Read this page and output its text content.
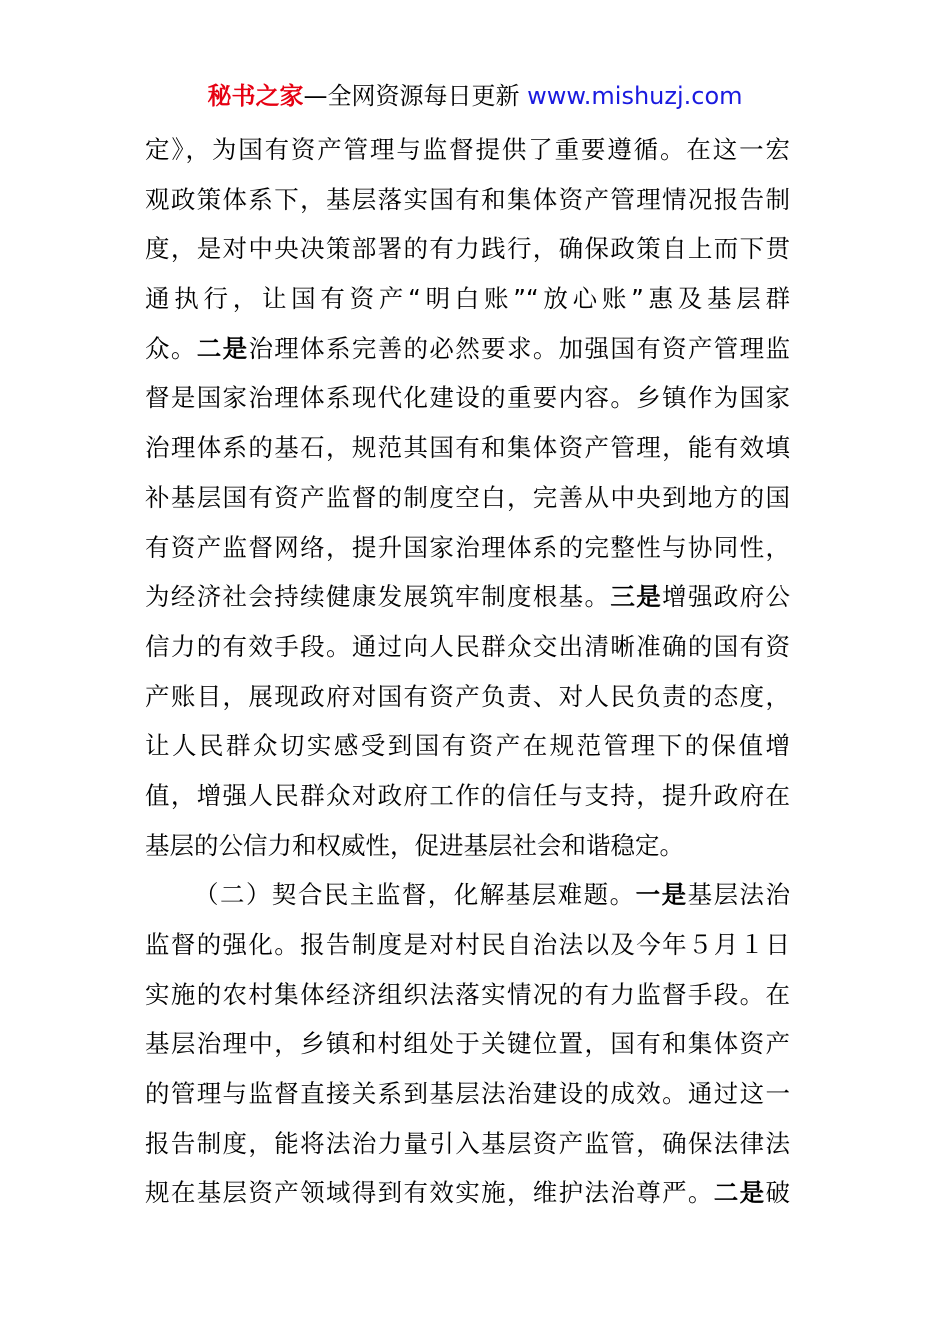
秘书之家—全网资源每日更新 www.mishuzj.com
定》，为国有资产管理与监督提供了重要遵循。在这一宏
观政策体系下，基层落实国有和集体资产管理情况报告制
度，是对中央决策部署的有力践行，确保政策自上而下贯
通执行，让国有资产“明白账”“放心账”惠及基层群
众。二是治理体系完善的必然要求。加强国有资产管理监
督是国家治理体系现代化建设的重要内容。乡镇作为国家
治理体系的基石，规范其国有和集体资产管理，能有效填
补基层国有资产监督的制度空白，完善从中央到地方的国
有资产监督网络，提升国家治理体系的完整性与协同性，
为经济社会持续健康发展筑牢制度根基。三是增强政府公
信力的有效手段。通过向人民群众交出清晰准确的国有资
产账目，展现政府对国有资产负责、对人民负责的态度，
让人民群众切实感受到国有资产在规范管理下的保值增
值，增强人民群众对政府工作的信任与支持，提升政府在
基层的公信力和权威性，促进基层社会和谐稳定。
（二）契合民主监督，化解基层难题。一是基层法治
监督的强化。报告制度是对村民自治法以及今年５月１日
实施的农村集体经济组织法落实情况的有力监督手段。在
基层治理中，乡镇和村组处于关键位置，国有和集体资产
的管理与监督直接关系到基层法治建设的成效。通过这一
报告制度，能将法治力量引入基层资产监管，确保法律法
规在基层资产领域得到有效实施，维护法治尊严。二是破
